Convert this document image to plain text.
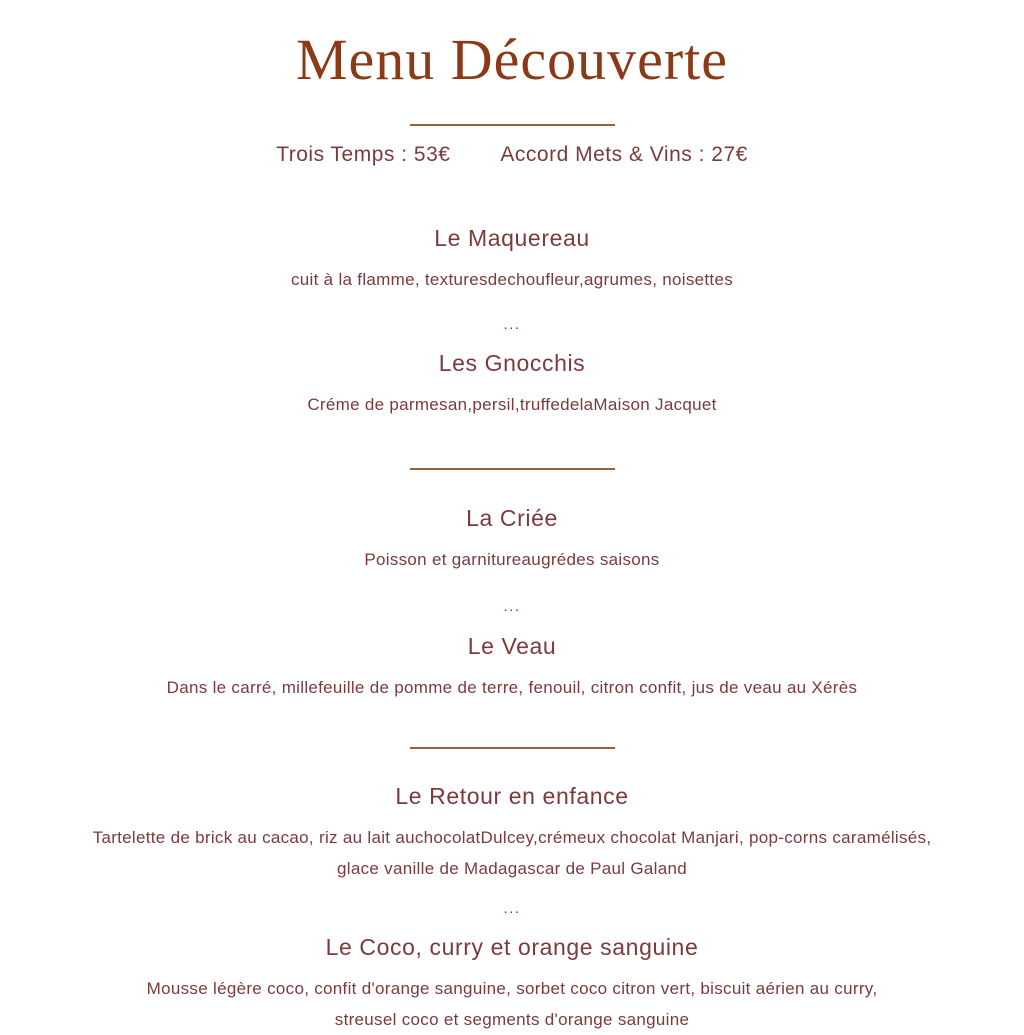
Menu Découverte
Trois Temps : 53€ Accord Mets & Vins : 27€
Le Maquereau
cuit à la flamme, texturesdechoufleur,agrumes, noisettes
...
Les Gnocchis
Créme de parmesan,persil,truffedelaMaison Jacquet
La Criée
Poisson et garnitureaugrédes saisons
...
Le Veau
Dans le carré, millefeuille de pomme de terre, fenouil, citron confit, jus de veau au Xérès
Le Retour en enfance
Tartelette de brick au cacao, riz au lait auchocolatDulcey,crémeux chocolat Manjari, pop-corns caramélisés,
glace vanille de Madagascar de Paul Galand
...
Le Coco, curry et orange sanguine
Mousse légère coco, confit d'orange sanguine, sorbet coco citron vert, biscuit aérien au curry,
streusel coco et segments d'orange sanguine
